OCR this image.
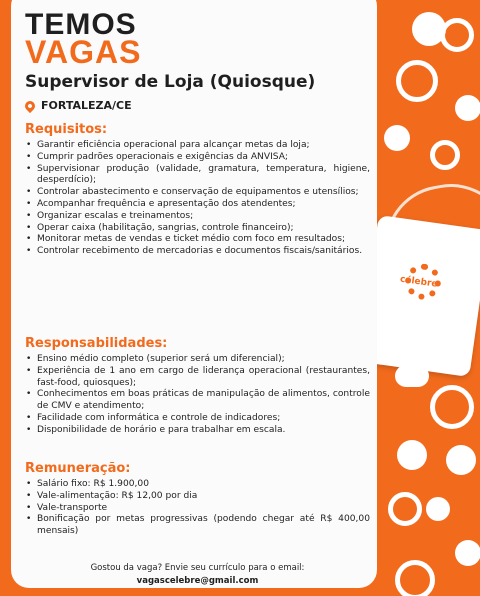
célebre
TEMOS
VAGAS
Supervisor de Loja (Quiosque)
FORTALEZA/CE
Requisitos:
• Garantir eficiência operacional para alcançar metas da loja;
• Cumprir padrões operacionais e exigências da ANVISA;
• Supervisionar produção (validade, gramatura, temperatura, higiene, desperdício);
• Controlar abastecimento e conservação de equipamentos e utensílios;
• Acompanhar frequência e apresentação dos atendentes;
• Organizar escalas e treinamentos;
• Operar caixa (habilitação, sangrias, controle financeiro);
• Monitorar metas de vendas e ticket médio com foco em resultados;
• Controlar recebimento de mercadorias e documentos fiscais/sanitários.
Responsabilidades:
• Ensino médio completo (superior será um diferencial);
• Experiência de 1 ano em cargo de liderança operacional (restaurantes, fast-food, quiosques);
• Conhecimentos em boas práticas de manipulação de alimentos, controle de CMV e atendimento;
• Facilidade com informática e controle de indicadores;
• Disponibilidade de horário e para trabalhar em escala.
Remuneração:
• Salário fixo: R$ 1.900,00
• Vale-alimentação: R$ 12,00 por dia
• Vale-transporte
• Bonificação por metas progressivas (podendo chegar até R$ 400,00 mensais)
Gostou da vaga? Envie seu currículo para o email:
vagascelebre@gmail.com
